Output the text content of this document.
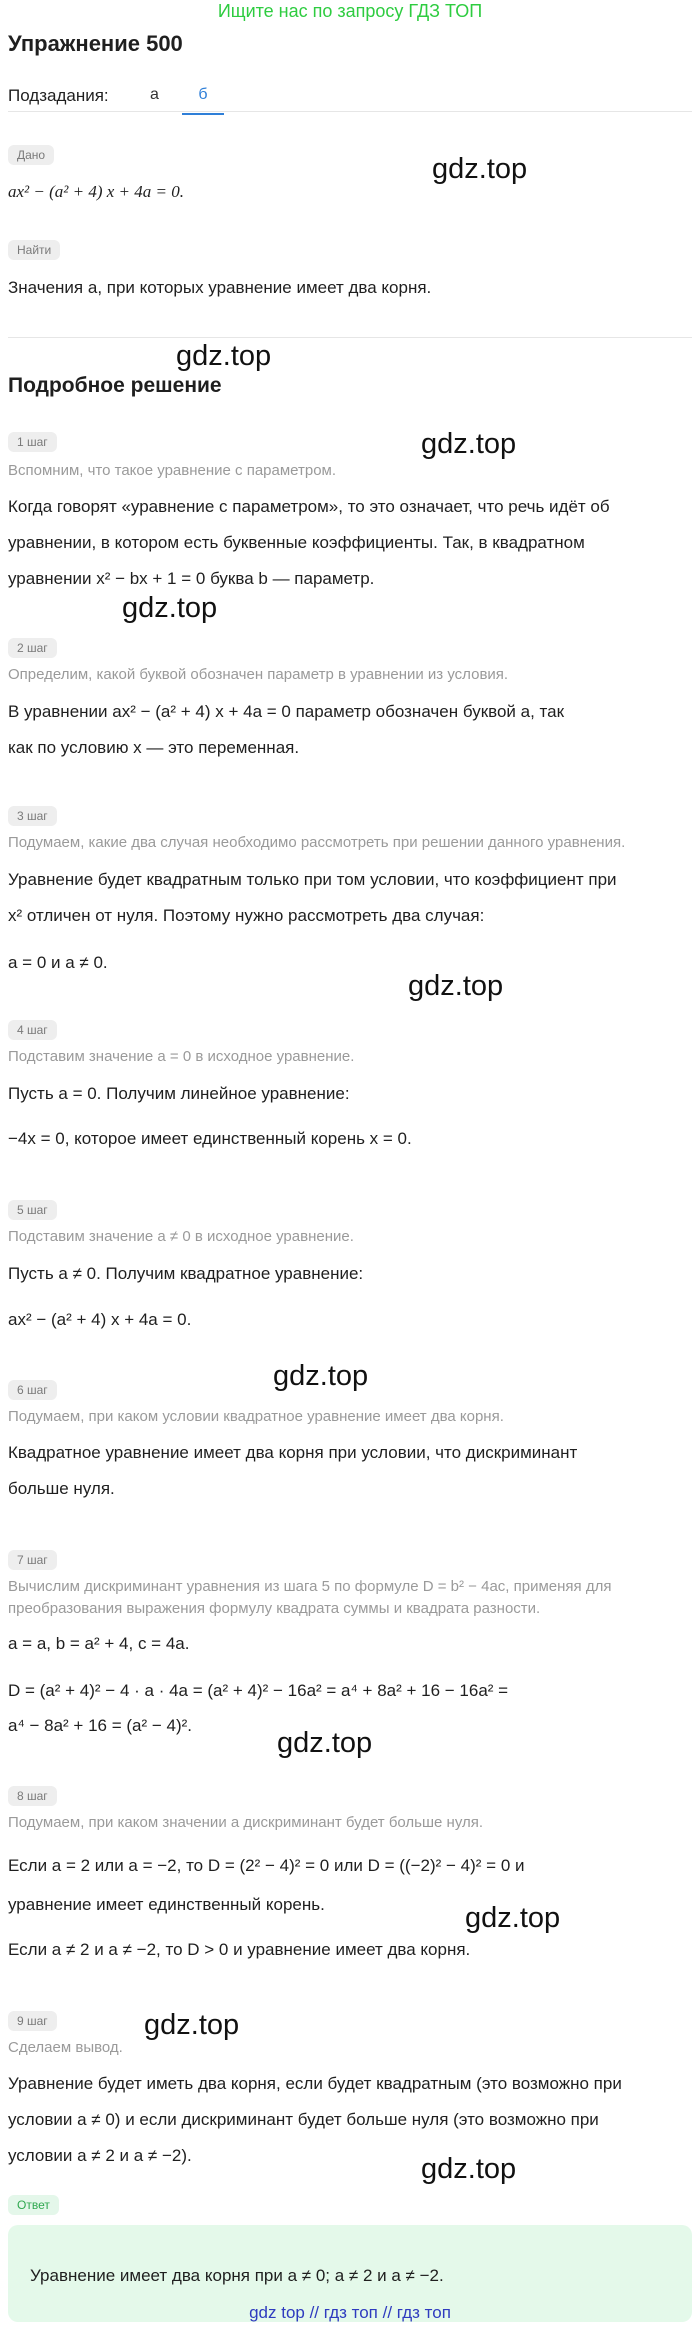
Ищите нас по запросу ГДЗ ТОП
Упражнение 500
Подзадания:	а	б
Дано
ax² − (a² + 4) x + 4a = 0.
Найти
Значения a, при которых уравнение имеет два корня.
Подробное решение
1 шаг
Вспомним, что такое уравнение с параметром.
Когда говорят «уравнение с параметром», то это означает, что речь идёт об
уравнении, в котором есть буквенные коэффициенты. Так, в квадратном
уравнении x² − bx + 1 = 0 буква b — параметр.
2 шаг
Определим, какой буквой обозначен параметр в уравнении из условия.
В уравнении ax² − (a² + 4) x + 4a = 0 параметр обозначен буквой a, так
как по условию x — это переменная.
3 шаг
Подумаем, какие два случая необходимо рассмотреть при решении данного уравнения.
Уравнение будет квадратным только при том условии, что коэффициент при
x² отличен от нуля. Поэтому нужно рассмотреть два случая:
a = 0 и a ≠ 0.
4 шаг
Подставим значение a = 0 в исходное уравнение.
Пусть a = 0. Получим линейное уравнение:
−4x = 0, которое имеет единственный корень x = 0.
5 шаг
Подставим значение a ≠ 0 в исходное уравнение.
Пусть a ≠ 0. Получим квадратное уравнение:
ax² − (a² + 4) x + 4a = 0.
6 шаг
Подумаем, при каком условии квадратное уравнение имеет два корня.
Квадратное уравнение имеет два корня при условии, что дискриминант
больше нуля.
7 шаг
Вычислим дискриминант уравнения из шага 5 по формуле D = b² − 4ac, применяя для
преобразования выражения формулу квадрата суммы и квадрата разности.
a = a, b = a² + 4, c = 4a.
D = (a² + 4)² − 4 · a · 4a = (a² + 4)² − 16a² = a⁴ + 8a² + 16 − 16a² =
a⁴ − 8a² + 16 = (a² − 4)².
8 шаг
Подумаем, при каком значении a дискриминант будет больше нуля.
Если a = 2 или a = −2, то D = (2² − 4)² = 0 или D = ((−2)² − 4)² = 0 и
уравнение имеет единственный корень.
Если a ≠ 2 и a ≠ −2, то D > 0 и уравнение имеет два корня.
9 шаг
Сделаем вывод.
Уравнение будет иметь два корня, если будет квадратным (это возможно при
условии a ≠ 0) и если дискриминант будет больше нуля (это возможно при
условии a ≠ 2 и a ≠ −2).
Ответ
Уравнение имеет два корня при a ≠ 0; a ≠ 2 и a ≠ −2.
gdz.top
gdz.top
gdz.top
gdz.top
gdz.top
gdz.top
gdz.top
gdz.top
gdz.top
gdz.top
gdz top // гдз топ // гдз топ
